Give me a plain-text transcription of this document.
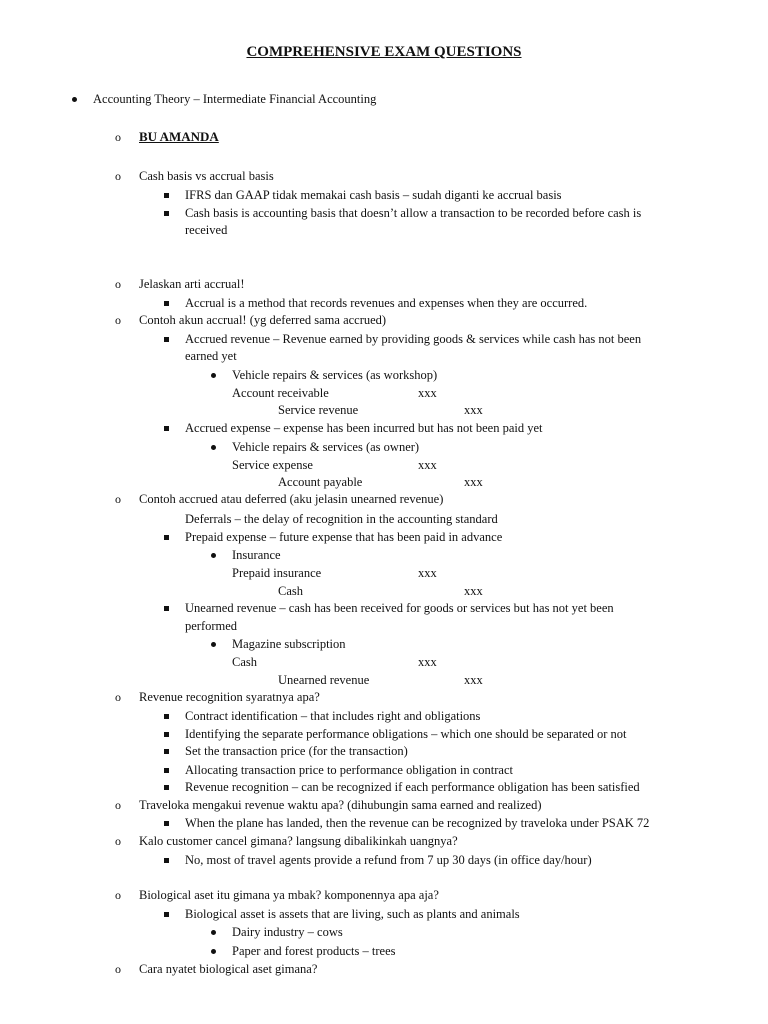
COMPREHENSIVE EXAM QUESTIONS
Accounting Theory – Intermediate Financial Accounting
o BU AMANDA
o Cash basis vs accrual basis
IFRS dan GAAP tidak memakai cash basis – sudah diganti ke accrual basis
Cash basis is accounting basis that doesn’t allow a transaction to be recorded before cash is
received
o Jelaskan arti accrual!
Accrual is a method that records revenues and expenses when they are occurred.
o Contoh akun accrual! (yg deferred sama accrued)
Accrued revenue – Revenue earned by providing goods & services while cash has not been
earned yet
Vehicle repairs & services (as workshop)
Account receivable	xxx
Service revenue	xxx
Accrued expense – expense has been incurred but has not been paid yet
Vehicle repairs & services (as owner)
Service expense	xxx
Account payable	xxx
o Contoh accrued atau deferred (aku jelasin unearned revenue)
Deferrals – the delay of recognition in the accounting standard
Prepaid expense – future expense that has been paid in advance
Insurance
Prepaid insurance	xxx
Cash	xxx
Unearned revenue – cash has been received for goods or services but has not yet been
performed
Magazine subscription
Cash	xxx
Unearned revenue	xxx
o Revenue recognition syaratnya apa?
Contract identification – that includes right and obligations
Identifying the separate performance obligations – which one should be separated or not
Set the transaction price (for the transaction)
Allocating transaction price to performance obligation in contract
Revenue recognition – can be recognized if each performance obligation has been satisfied
o Traveloka mengakui revenue waktu apa? (dihubungin sama earned and realized)
When the plane has landed, then the revenue can be recognized by traveloka under PSAK 72
o Kalo customer cancel gimana? langsung dibalikinkah uangnya?
No, most of travel agents provide a refund from 7 up 30 days (in office day/hour)
o Biological aset itu gimana ya mbak? komponennya apa aja?
Biological asset is assets that are living, such as plants and animals
Dairy industry – cows
Paper and forest products – trees
o Cara nyatet biological aset gimana?
